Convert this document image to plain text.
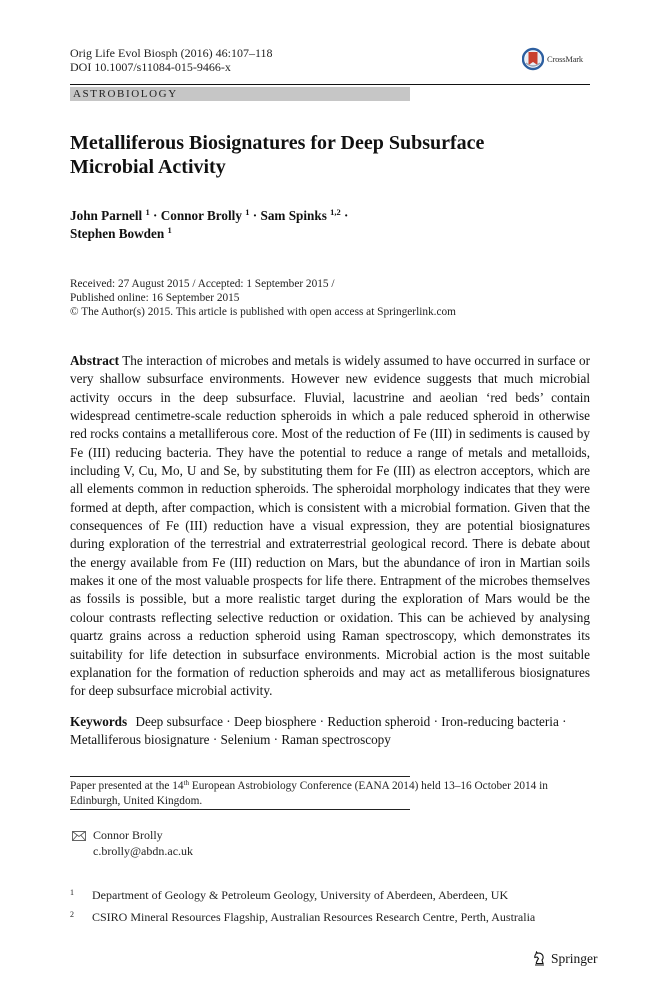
Orig Life Evol Biosph (2016) 46:107–118
DOI 10.1007/s11084-015-9466-x
CrossMark
ASTROBIOLOGY
Metalliferous Biosignatures for Deep Subsurface
Microbial Activity
John Parnell $^1$ · Connor Brolly $^1$ · Sam Spinks $^{1,2}$ ·
Stephen Bowden $^1$
Received: 27 August 2015 / Accepted: 1 September 2015 /
Published online: 16 September 2015
© The Author(s) 2015. This article is published with open access at Springerlink.com
Abstract The interaction of microbes and metals is widely assumed to have occurred in surface or very shallow subsurface environments. However new evidence suggests that much microbial activity occurs in the deep subsurface. Fluvial, lacustrine and aeolian ‘red beds’ contain widespread centimetre-scale reduction spheroids in which a pale reduced spheroid in otherwise red rocks contains a metalliferous core. Most of the reduction of Fe (III) in sediments is caused by Fe (III) reducing bacteria. They have the potential to reduce a range of metals and metalloids, including V, Cu, Mo, U and Se, by substituting them for Fe (III) as electron acceptors, which are all elements common in reduction spheroids. The spheroidal morphology indicates that they were formed at depth, after compaction, which is consistent with a microbial formation. Given that the consequences of Fe (III) reduction have a visual expression, they are potential biosignatures during exploration of the terrestrial and extraterrestrial geological record. There is debate about the energy available from Fe (III) reduction on Mars, but the abundance of iron in Martian soils makes it one of the most valuable prospects for life there. Entrapment of the microbes themselves as fossils is possible, but a more realistic target during the exploration of Mars would be the colour contrasts reflecting selective reduction or oxidation. This can be achieved by analysing quartz grains across a reduction spheroid using Raman spectroscopy, which demonstrates its suitability for life detection in subsurface environments. Microbial action is the most suitable explanation for the formation of reduction spheroids and may act as metalliferous biosignatures for deep subsurface microbial activity.
Keywords Deep subsurface · Deep biosphere · Reduction spheroid · Iron-reducing bacteria · Metalliferous biosignature · Selenium · Raman spectroscopy
Paper presented at the 14th European Astrobiology Conference (EANA 2014) held 13–16 October 2014 in Edinburgh, United Kingdom.
Connor Brolly
c.brolly@abdn.ac.uk
1 Department of Geology & Petroleum Geology, University of Aberdeen, Aberdeen, UK
2 CSIRO Mineral Resources Flagship, Australian Resources Research Centre, Perth, Australia
Springer
